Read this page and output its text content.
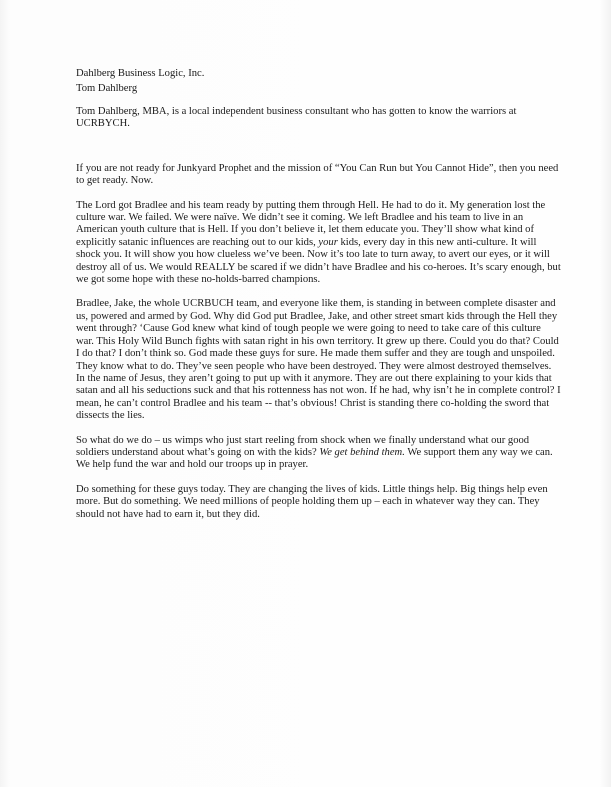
Dahlberg Business Logic, Inc.

Tom Dahlberg

Tom Dahlberg, MBA, is a local independent business consultant who has gotten to know the warriors at UCRBYCH.

If you are not ready for Junkyard Prophet and the mission of “You Can Run but You Cannot Hide”, then you need to get ready. Now.

The Lord got Bradlee and his team ready by putting them through Hell. He had to do it. My generation lost the culture war. We failed. We were naïve. We didn’t see it coming. We left Bradlee and his team to live in an American youth culture that is Hell. If you don’t believe it, let them educate you. They’ll show what kind of explicitly satanic influences are reaching out to our kids, your kids, every day in this new anti-culture. It will shock you. It will show you how clueless we’ve been. Now it’s too late to turn away, to avert our eyes, or it will destroy all of us. We would REALLY be scared if we didn’t have Bradlee and his co-heroes. It’s scary enough, but we got some hope with these no-holds-barred champions.

Bradlee, Jake, the whole UCRBUCH team, and everyone like them, is standing in between complete disaster and us, powered and armed by God. Why did God put Bradlee, Jake, and other street smart kids through the Hell they went through? ‘Cause God knew what kind of tough people we were going to need to take care of this culture war. This Holy Wild Bunch fights with satan right in his own territory. It grew up there. Could you do that? Could I do that? I don’t think so. God made these guys for sure. He made them suffer and they are tough and unspoiled. They know what to do. They’ve seen people who have been destroyed. They were almost destroyed themselves. In the name of Jesus, they aren’t going to put up with it anymore. They are out there explaining to your kids that satan and all his seductions suck and that his rottenness has not won. If he had, why isn’t he in complete control? I mean, he can’t control Bradlee and his team -- that’s obvious! Christ is standing there co-holding the sword that dissects the lies.

So what do we do – us wimps who just start reeling from shock when we finally understand what our good soldiers understand about what’s going on with the kids? We get behind them. We support them any way we can. We help fund the war and hold our troops up in prayer.

Do something for these guys today. They are changing the lives of kids. Little things help. Big things help even more. But do something. We need millions of people holding them up – each in whatever way they can. They should not have had to earn it, but they did.
